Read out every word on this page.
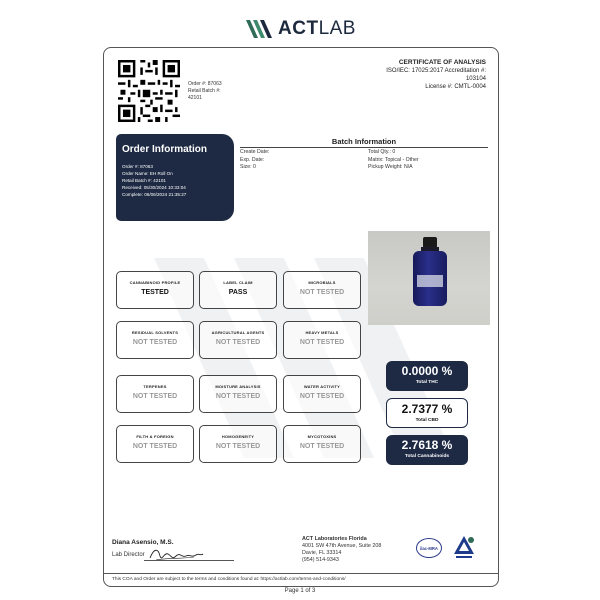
ACTLAB
Order #: 87063
Retail Batch #:
42101
CERTIFICATE OF ANALYSIS
ISO/IEC: 17025:2017 Accreditation #:
103104
License #: CMTL-0004
Order Information
Order #: 87063
Order Name: EH Roll On
Retail Batch #: 42101
Received: 05/30/2024 10:33:04
Complete: 06/06/2024 21:35:27
Batch Information
Create Date:
Exp. Date:
Size: 0
Total Qty.: 0
Matrix: Topical - Other
Pickup Weight: N/A
CANNABINOID PROFILE
TESTED
LABEL CLAIM
PASS
MICROBIALS
NOT TESTED
RESIDUAL SOLVENTS
NOT TESTED
AGRICULTURAL AGENTS
NOT TESTED
HEAVY METALS
NOT TESTED
TERPENES
NOT TESTED
MOISTURE ANALYSIS
NOT TESTED
WATER ACTIVITY
NOT TESTED
FILTH & FOREIGN
NOT TESTED
HOMOGENEITY
NOT TESTED
MYCOTOXINS
NOT TESTED
0.0000 %
Total THC
2.7377 %
Total CBD
2.7618 %
Total Cannabinoids
Diana Asensio, M.S.
Lab Director
ACT Laboratories Florida
4001 SW 47th Avenue, Suite 208
Davie, FL 33314
(954) 514-9343
ilac-MRA
This COA and Order are subject to the terms and conditions found at: https://actlab.com/terms-and-conditions/
Page 1 of 3
